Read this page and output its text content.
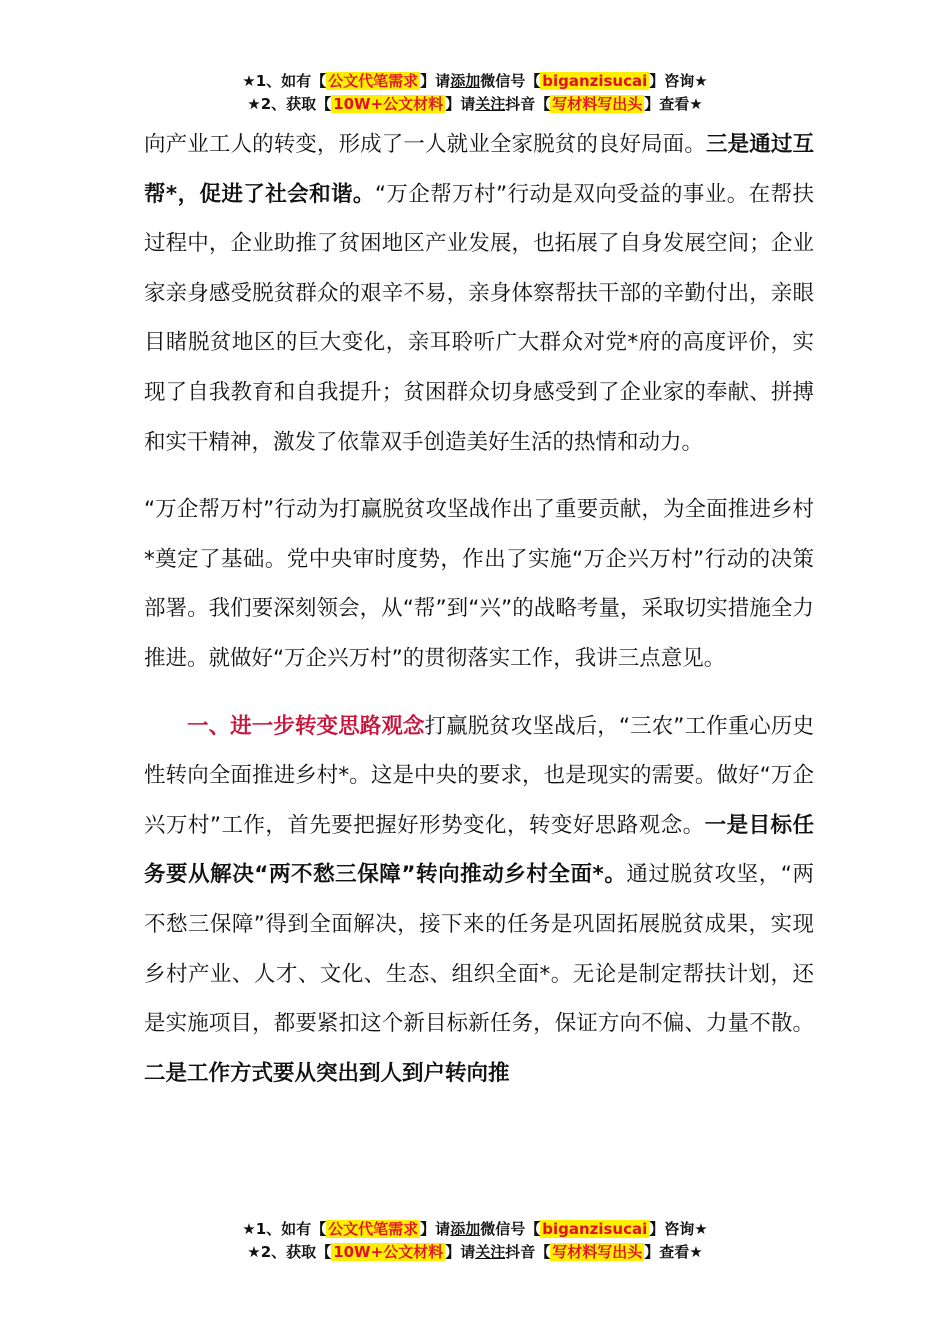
★1、如有【 公文代笔需求 】请添加微信号【 biganzisucai 】咨询★
★2、获取【 10W+公文材料 】请关注抖音【 写材料写出头 】查看★

向产业工人的转变，形成了一人就业全家脱贫的良好局面。三是通过互帮*，促进了社会和谐。“万企帮万村”行动是双向受益的事业。在帮扶过程中，企业助推了贫困地区产业发展，也拓展了自身发展空间；企业家亲身感受脱贫群众的艰辛不易，亲身体察帮扶干部的辛勤付出，亲眼目睹脱贫地区的巨大变化，亲耳聆听广大群众对党*府的高度评价，实现了自我教育和自我提升；贫困群众切身感受到了企业家的奉献、拼搏和实干精神，激发了依靠双手创造美好生活的热情和动力。

“万企帮万村”行动为打赢脱贫攻坚战作出了重要贡献，为全面推进乡村*奠定了基础。党中央审时度势，作出了实施“万企兴万村”行动的决策部署。我们要深刻领会，从“帮”到“兴”的战略考量，采取切实措施全力推进。就做好“万企兴万村”的贯彻落实工作，我讲三点意见。

一、进一步转变思路观念打赢脱贫攻坚战后，“三农”工作重心历史性转向全面推进乡村*。这是中央的要求，也是现实的需要。做好“万企兴万村”工作，首先要把握好形势变化，转变好思路观念。一是目标任务要从解决“两不愁三保障”转向推动乡村全面*。通过脱贫攻坚，“两不愁三保障”得到全面解决，接下来的任务是巩固拓展脱贫成果，实现乡村产业、人才、文化、生态、组织全面*。无论是制定帮扶计划，还是实施项目，都要紧扣这个新目标新任务，保证方向不偏、力量不散。二是工作方式要从突出到人到户转向推

★1、如有【 公文代笔需求 】请添加微信号【 biganzisucai 】咨询★
★2、获取【 10W+公文材料 】请关注抖音【 写材料写出头 】查看★
